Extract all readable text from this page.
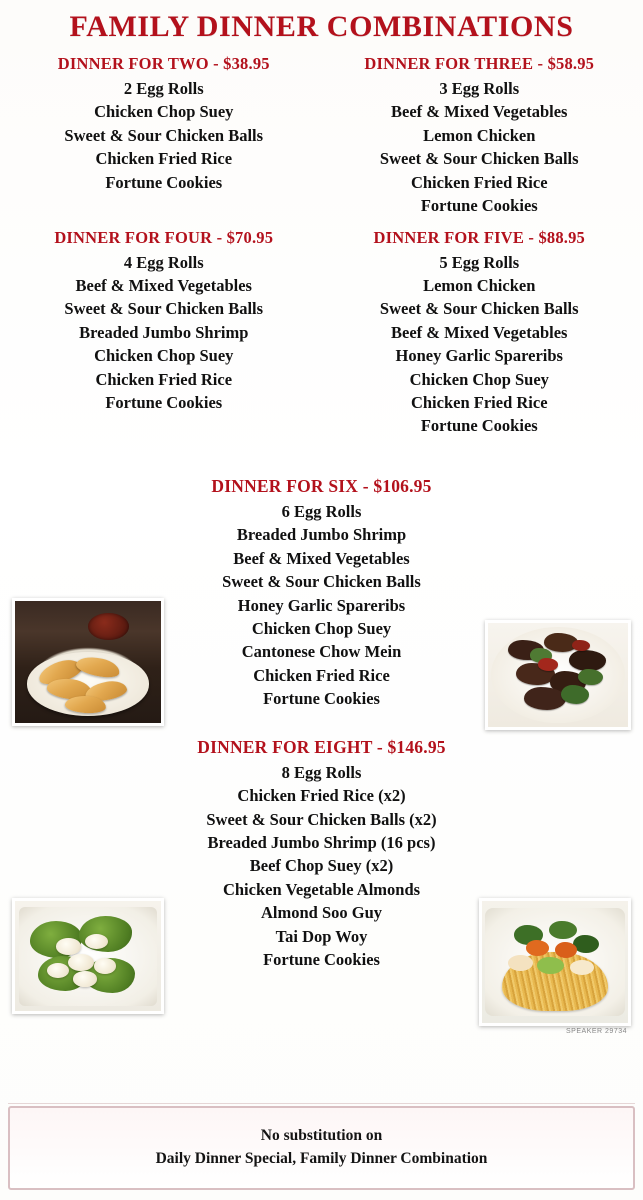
FAMILY DINNER COMBINATIONS
DINNER FOR TWO - $38.95
2 Egg Rolls
Chicken Chop Suey
Sweet & Sour Chicken Balls
Chicken Fried Rice
Fortune Cookies
DINNER FOR THREE - $58.95
3 Egg Rolls
Beef & Mixed Vegetables
Lemon Chicken
Sweet & Sour Chicken Balls
Chicken Fried Rice
Fortune Cookies
DINNER FOR FOUR - $70.95
4 Egg Rolls
Beef & Mixed Vegetables
Sweet & Sour Chicken Balls
Breaded Jumbo Shrimp
Chicken Chop Suey
Chicken Fried Rice
Fortune Cookies
DINNER FOR FIVE - $88.95
5 Egg Rolls
Lemon Chicken
Sweet & Sour Chicken Balls
Beef & Mixed Vegetables
Honey Garlic Spareribs
Chicken Chop Suey
Chicken Fried Rice
Fortune Cookies
DINNER FOR SIX - $106.95
6 Egg Rolls
Breaded Jumbo Shrimp
Beef & Mixed Vegetables
Sweet & Sour Chicken Balls
Honey Garlic Spareribs
Chicken Chop Suey
Cantonese Chow Mein
Chicken Fried Rice
Fortune Cookies
DINNER FOR EIGHT - $146.95
8 Egg Rolls
Chicken Fried Rice (x2)
Sweet & Sour Chicken Balls (x2)
Breaded Jumbo Shrimp (16 pcs)
Beef Chop Suey (x2)
Chicken Vegetable Almonds
Almond Soo Guy
Tai Dop Woy
Fortune Cookies
SPEAKER 29734
No substitution on
Daily Dinner Special, Family Dinner Combination
